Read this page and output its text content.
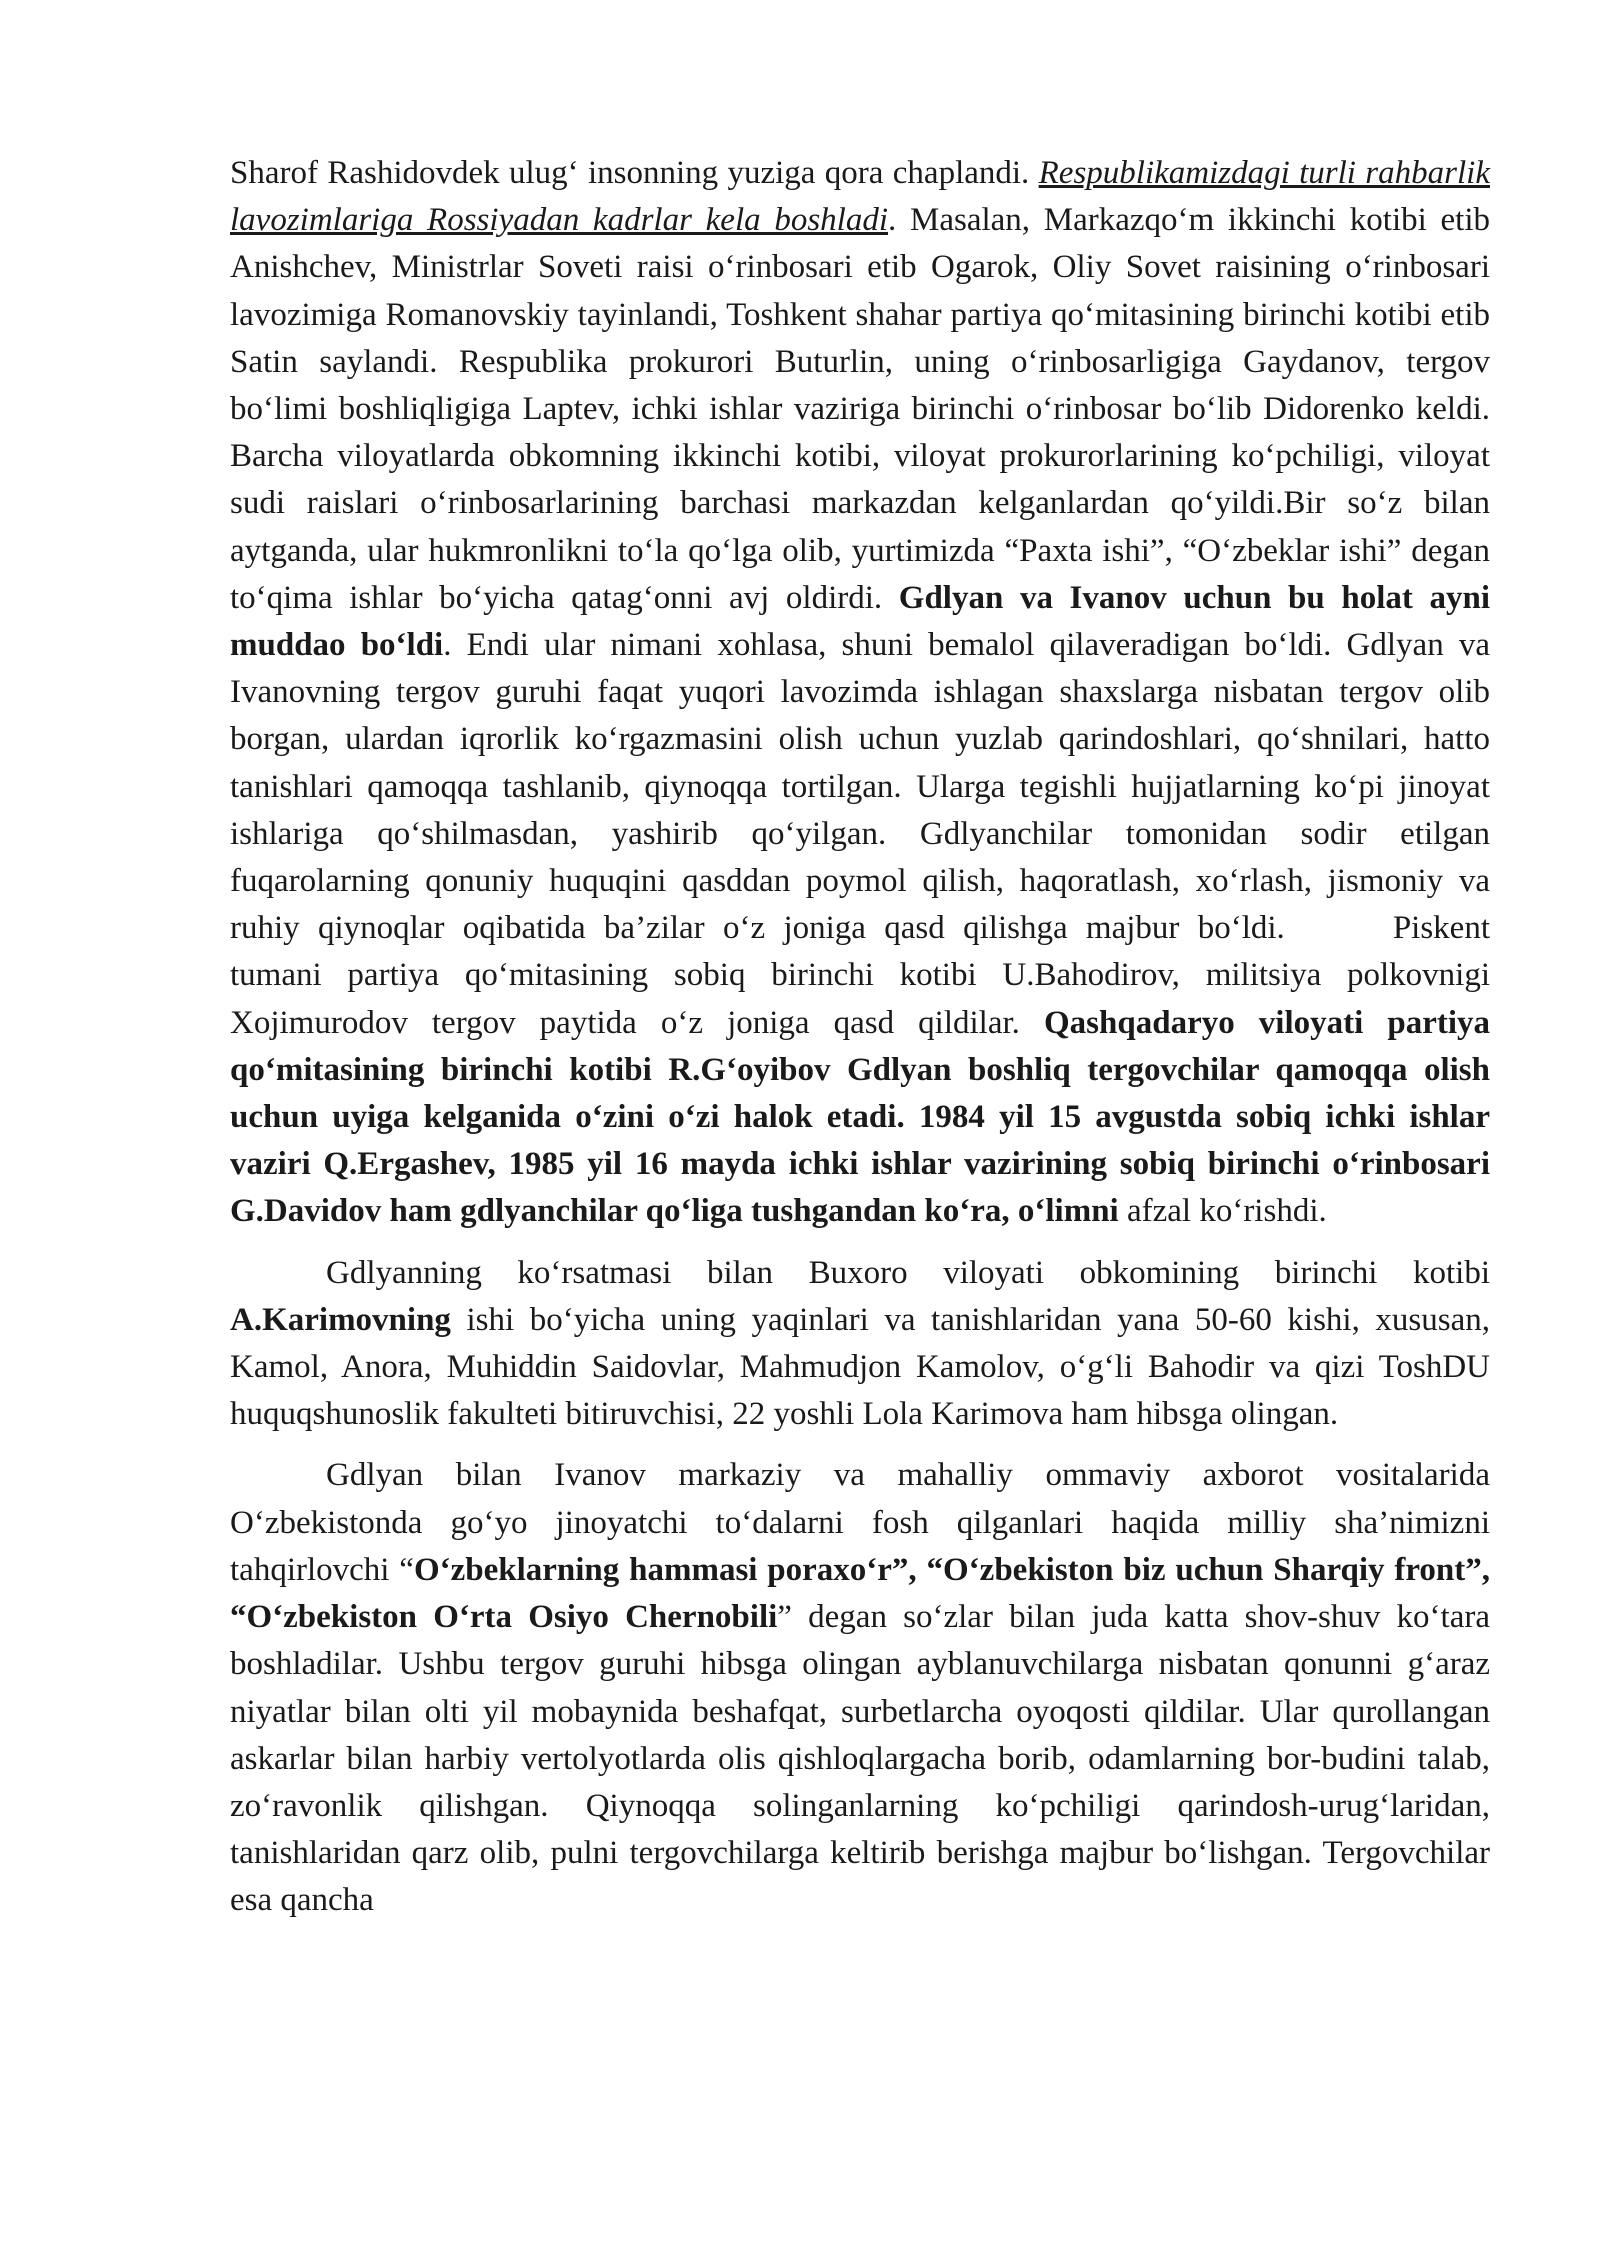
Sharof Rashidovdek ulug‘ insonning yuziga qora chaplandi. Respublikamizdagi turli rahbarlik lavozimlariga Rossiyadan kadrlar kela boshladi. Masalan, Markazqo‘m ikkinchi kotibi etib Anishchev, Ministrlar Soveti raisi o‘rinbosari etib Ogarok, Oliy Sovet raisining o‘rinbosari lavozimiga Romanovskiy tayinlandi, Toshkent shahar partiya qo‘mitasining birinchi kotibi etib Satin saylandi. Respublika prokurori Buturlin, uning o‘rinbosarligiga Gaydanov, tergov bo‘limi boshliqligiga Laptev, ichki ishlar vaziriga birinchi o‘rinbosar bo‘lib Didorenko keldi. Barcha viloyatlarda obkomning ikkinchi kotibi, viloyat prokurorlarining ko‘pchiligi, viloyat sudi raislari o‘rinbosarlarining barchasi markazdan kelganlardan qo‘yildi.Bir so‘z bilan aytganda, ular hukmronlikni to‘la qo‘lga olib, yurtimizda “Paxta ishi”, “O‘zbeklar ishi” degan to‘qima ishlar bo‘yicha qatag‘onni avj oldirdi. Gdlyan va Ivanov uchun bu holat ayni muddao bo‘ldi. Endi ular nimani xohlasa, shuni bemalol qilaveradigan bo‘ldi. Gdlyan va Ivanovning tergov guruhi faqat yuqori lavozimda ishlagan shaxslarga nisbatan tergov olib borgan, ulardan iqrorlik ko‘rgazmasini olish uchun yuzlab qarindoshlari, qo‘shnilari, hatto tanishlari qamoqqa tashlanib, qiynoqqa tortilgan. Ularga tegishli hujjatlarning ko‘pi jinoyat ishlariga qo‘shilmasdan, yashirib qo‘yilgan. Gdlyanchilar tomonidan sodir etilgan fuqarolarning qonuniy huquqini qasddan poymol qilish, haqoratlash, xo‘rlash, jismoniy va ruhiy qiynoqlar oqibatida ba’zilar o‘z joniga qasd qilishga majbur bo‘ldi.	Piskent tumani partiya qo‘mitasining sobiq birinchi kotibi U.Bahodirov, militsiya polkovnigi Xojimurodov tergov paytida o‘z joniga qasd qildilar. Qashqadaryo viloyati partiya qo‘mitasining birinchi kotibi R.G‘oyibov Gdlyan boshliq tergovchilar qamoqqa olish uchun uyiga kelganida o‘zini o‘zi halok etadi. 1984 yil 15 avgustda sobiq ichki ishlar vaziri Q.Ergashev, 1985 yil 16 mayda ichki ishlar vazirining sobiq birinchi o‘rinbosari G.Davidov ham gdlyanchilar qo‘liga tushgandan ko‘ra, o‘limni afzal ko‘rishdi.

Gdlyanning ko‘rsatmasi bilan Buxoro viloyati obkomining birinchi kotibi A.Karimovning ishi bo‘yicha uning yaqinlari va tanishlaridan yana 50-60 kishi, xususan, Kamol, Anora, Muhiddin Saidovlar, Mahmudjon Kamolov, o‘g‘li Bahodir va qizi ToshDU huquqshunoslik fakulteti bitiruvchisi, 22 yoshli Lola Karimova ham hibsga olingan.

Gdlyan bilan Ivanov markaziy va mahalliy ommaviy axborot vositalarida O‘zbekistonda go‘yo jinoyatchi to‘dalarni fosh qilganlari haqida milliy sha’nimizni tahqirlovchi “O‘zbeklarning hammasi poraxo‘r”, “O‘zbekiston biz uchun Sharqiy front”, “O‘zbekiston O‘rta Osiyo Chernobili” degan so‘zlar bilan juda katta shov-shuv ko‘tara boshladilar. Ushbu tergov guruhi hibsga olingan ayblanuvchilarga nisbatan qonunni g‘araz niyatlar bilan olti yil mobaynida beshafqat, surbetlarcha oyoqosti qildilar. Ular qurollangan askarlar bilan harbiy vertolyotlarda olis qishloqlargacha borib, odamlarning bor-budini talab, zo‘ravonlik qilishgan. Qiynoqqa solinganlarning ko‘pchiligi qarindosh-urug‘laridan, tanishlaridan qarz olib, pulni tergovchilarga keltirib berishga majbur bo‘lishgan. Tergovchilar esa qancha
